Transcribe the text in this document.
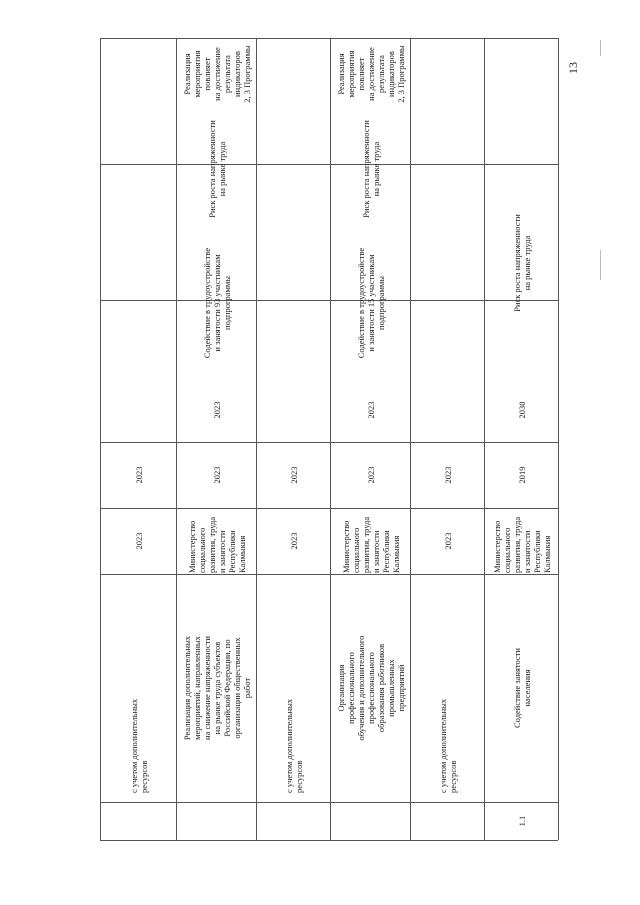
с учетом дополнительных
ресурсов
2023
2023
Реализация дополнительных
мероприятий, направленных
на снижение напряженности
на рынке труда субъектов
Российской Федерации, по
организации общественных
работ
Министерство
социального
развития, труда
и занятости
Республики
Калмыкия
2023
2023
Содействие в трудоустройстве
и занятости 93 участникам
подпрограммы
Риск роста напряженности
на рынке труда
Реализация
мероприятия повлияет
на достижение
результата индикаторов
2, 3 Программы
с учетом дополнительных
ресурсов
2023
2023
Организация
профессионального
обучения и дополнительного
профессионального
образования работников
промышленных
предприятий
Министерство
социального
развития, труда
и занятости
Республики
Калмыкия
2023
2023
Содействие в трудоустройстве
и занятости 15 участникам
подпрограммы
Риск роста напряженности
на рынке труда
Реализация
мероприятия повлияет
на достижение
результата индикаторов
2, 3 Программы
с учетом дополнительных
ресурсов
2023
2023
1.1
Содействие занятости
населения
Министерство
социального
развития, труда
и занятости
Республики
Калмыкия
2019
2030
Риск роста напряженности
на рынке труда
13
